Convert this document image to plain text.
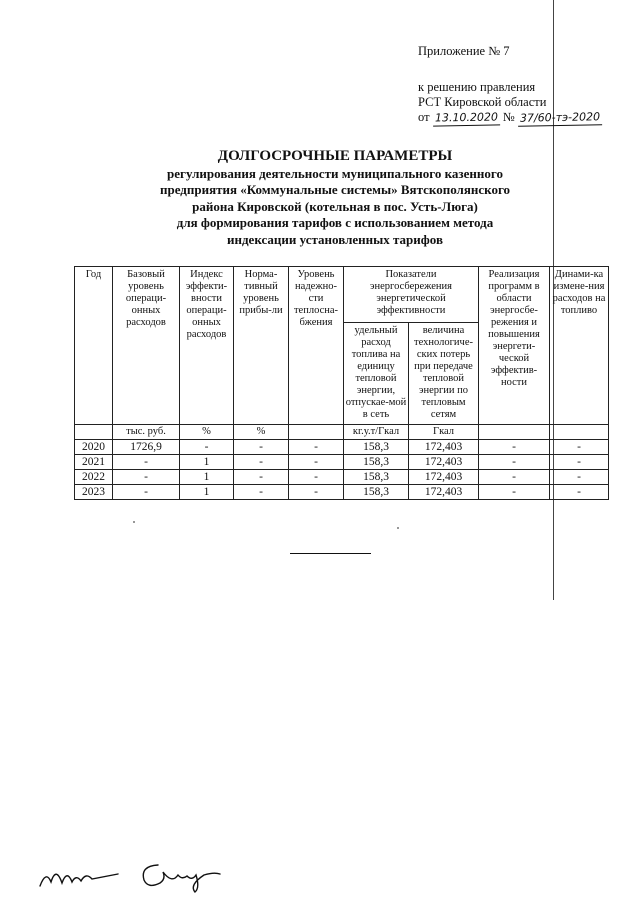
Приложение № 7
к решению правления
РСТ Кировской области
от 13.10.2020 № 37/60-тэ-2020
ДОЛГОСРОЧНЫЕ ПАРАМЕТРЫ
регулирования деятельности муниципального казенного
предприятия «Коммунальные системы» Вятскополянского
района Кировской (котельная в пос. Усть-Люга)
для формирования тарифов с использованием метода
индексации установленных тарифов
Год	Базовый уровень операци-онных расходов	Индекс эффекти-вности операци-онных расходов	Норма-тивный уровень прибы-ли	Уровень надежно-сти теплосна-бжения	Показатели энергосбережения энергетической эффективности		Реализация программ в области энергосбе-режения и повышения энергети-ческой эффектив-ности	Динами-ка измене-ния расходов на топливо
					удельный расход топлива на единицу тепловой энергии, отпускае-мой в сеть	величина технологиче-ских потерь при передаче тепловой энергии по тепловым сетям		
	тыс. руб.	%	%		кг.у.т/Гкал	Гкал		
2020	1726,9	-	-	-	158,3	172,403	-	-
2021	-	1	-	-	158,3	172,403	-	-
2022	-	1	-	-	158,3	172,403	-	-
2023	-	1	-	-	158,3	172,403	-	-
